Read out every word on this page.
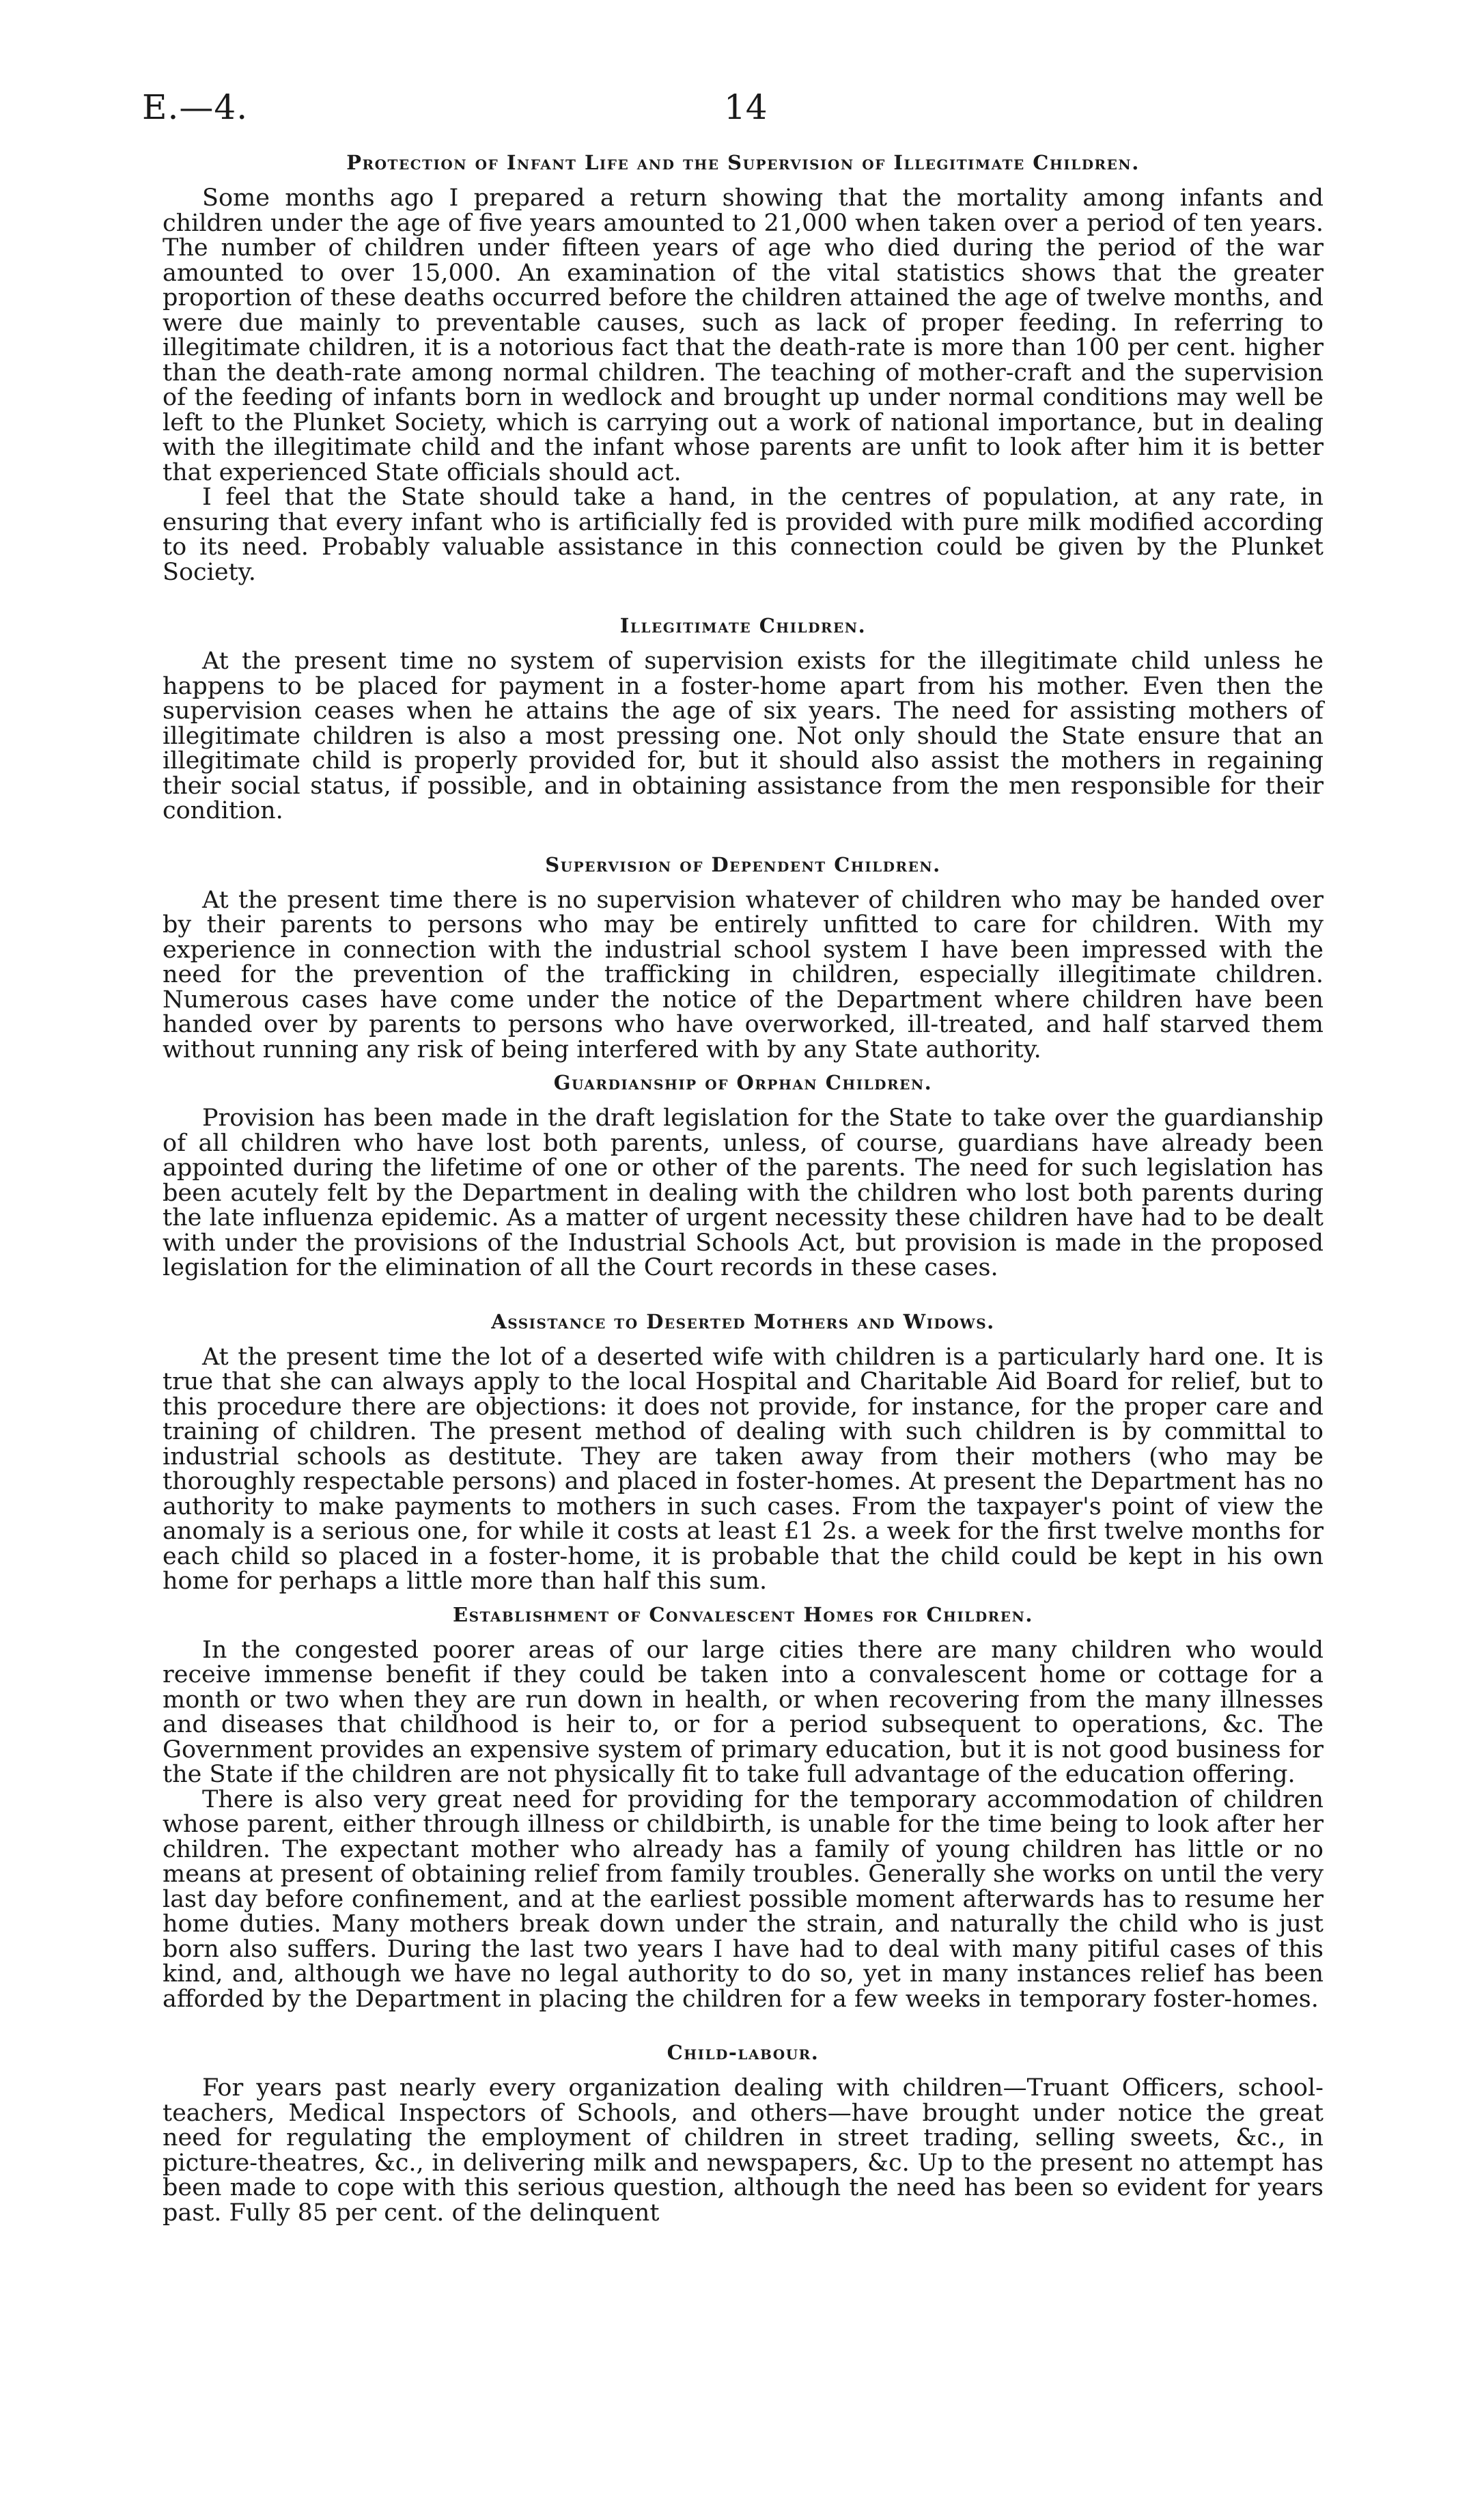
E.—4.	14
Protection of Infant Life and the Supervision of Illegitimate Children.

Some months ago I prepared a return showing that the mortality among infants and children under the age of five years amounted to 21,000 when taken over a period of ten years. The number of children under fifteen years of age who died during the period of the war amounted to over 15,000. An examination of the vital statistics shows that the greater proportion of these deaths occurred before the children attained the age of twelve months, and were due mainly to preventable causes, such as lack of proper feeding. In referring to illegitimate children, it is a notorious fact that the death-rate is more than 100 per cent. higher than the death-rate among normal children. The teaching of mother-craft and the supervision of the feeding of infants born in wedlock and brought up under normal conditions may well be left to the Plunket Society, which is carrying out a work of national importance, but in dealing with the illegitimate child and the infant whose parents are unfit to look after him it is better that experienced State officials should act.

I feel that the State should take a hand, in the centres of population, at any rate, in ensuring that every infant who is artificially fed is provided with pure milk modified according to its need. Probably valuable assistance in this connection could be given by the Plunket Society.

Illegitimate Children.

At the present time no system of supervision exists for the illegitimate child unless he happens to be placed for payment in a foster-home apart from his mother. Even then the supervision ceases when he attains the age of six years. The need for assisting mothers of illegitimate children is also a most pressing one. Not only should the State ensure that an illegitimate child is properly provided for, but it should also assist the mothers in regaining their social status, if possible, and in obtaining assistance from the men responsible for their condition.

Supervision of Dependent Children.

At the present time there is no supervision whatever of children who may be handed over by their parents to persons who may be entirely unfitted to care for children. With my experience in connection with the industrial school system I have been impressed with the need for the prevention of the trafficking in children, especially illegitimate children. Numerous cases have come under the notice of the Department where children have been handed over by parents to persons who have overworked, ill-treated, and half starved them without running any risk of being interfered with by any State authority.

Guardianship of Orphan Children.

Provision has been made in the draft legislation for the State to take over the guardianship of all children who have lost both parents, unless, of course, guardians have already been appointed during the lifetime of one or other of the parents. The need for such legislation has been acutely felt by the Department in dealing with the children who lost both parents during the late influenza epidemic. As a matter of urgent necessity these children have had to be dealt with under the provisions of the Industrial Schools Act, but provision is made in the proposed legislation for the elimination of all the Court records in these cases.

Assistance to Deserted Mothers and Widows.

At the present time the lot of a deserted wife with children is a particularly hard one. It is true that she can always apply to the local Hospital and Charitable Aid Board for relief, but to this procedure there are objections: it does not provide, for instance, for the proper care and training of children. The present method of dealing with such children is by committal to industrial schools as destitute. They are taken away from their mothers (who may be thoroughly respectable persons) and placed in foster-homes. At present the Department has no authority to make payments to mothers in such cases. From the taxpayer's point of view the anomaly is a serious one, for while it costs at least £1 2s. a week for the first twelve months for each child so placed in a foster-home, it is probable that the child could be kept in his own home for perhaps a little more than half this sum.

Establishment of Convalescent Homes for Children.

In the congested poorer areas of our large cities there are many children who would receive immense benefit if they could be taken into a convalescent home or cottage for a month or two when they are run down in health, or when recovering from the many illnesses and diseases that childhood is heir to, or for a period subsequent to operations, &c. The Government provides an expensive system of primary education, but it is not good business for the State if the children are not physically fit to take full advantage of the education offering.

There is also very great need for providing for the temporary accommodation of children whose parent, either through illness or childbirth, is unable for the time being to look after her children. The expectant mother who already has a family of young children has little or no means at present of obtaining relief from family troubles. Generally she works on until the very last day before confinement, and at the earliest possible moment afterwards has to resume her home duties. Many mothers break down under the strain, and naturally the child who is just born also suffers. During the last two years I have had to deal with many pitiful cases of this kind, and, although we have no legal authority to do so, yet in many instances relief has been afforded by the Department in placing the children for a few weeks in temporary foster-homes.

Child-labour.

For years past nearly every organization dealing with children—Truant Officers, school-teachers, Medical Inspectors of Schools, and others—have brought under notice the great need for regulating the employment of children in street trading, selling sweets, &c., in picture-theatres, &c., in delivering milk and newspapers, &c. Up to the present no attempt has been made to cope with this serious question, although the need has been so evident for years past. Fully 85 per cent. of the delinquent
